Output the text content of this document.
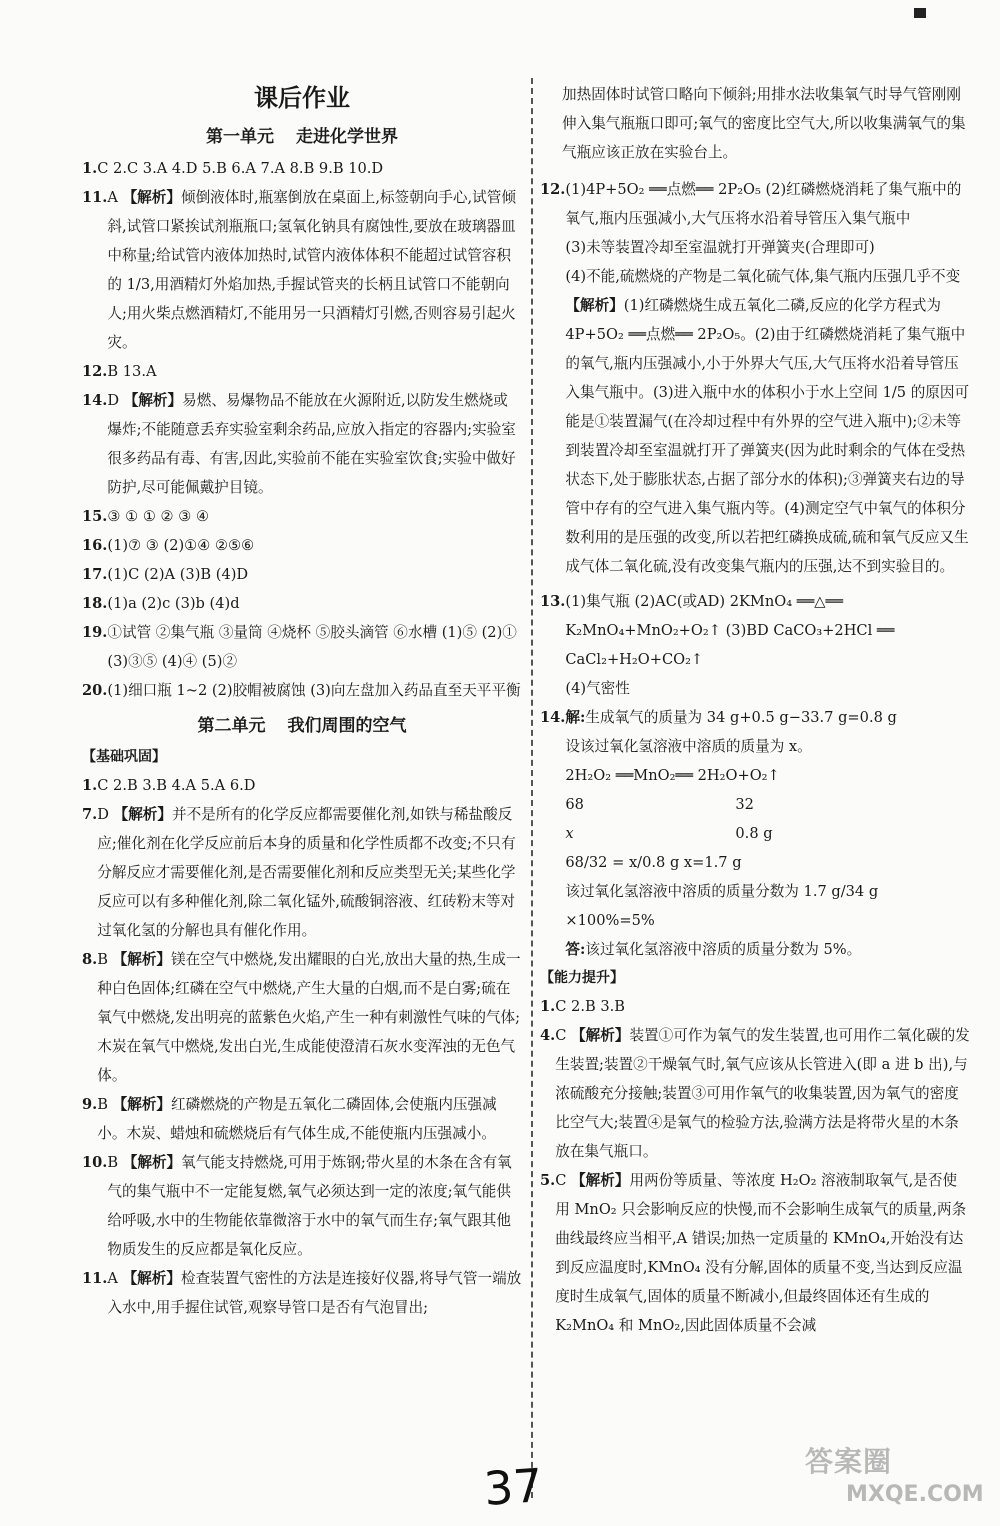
课后作业
第一单元 走进化学世界
1. C 2.C 3.A 4.D 5.B 6.A 7.A 8.B 9.B 10.D
11. A 【解析】倾倒液体时,瓶塞倒放在桌面上,标签朝向手心,试管倾斜,试管口紧挨试剂瓶瓶口;氢氧化钠具有腐蚀性,要放在玻璃器皿中称量;给试管内液体加热时,试管内液体体积不能超过试管容积的 1/3,用酒精灯外焰加热,手握试管夹的长柄且试管口不能朝向人;用火柴点燃酒精灯,不能用另一只酒精灯引燃,否则容易引起火灾。
12. B 13.A
14. D 【解析】易燃、易爆物品不能放在火源附近,以防发生燃烧或爆炸;不能随意丢弃实验室剩余药品,应放入指定的容器内;实验室很多药品有毒、有害,因此,实验前不能在实验室饮食;实验中做好防护,尽可能佩戴护目镜。
15. ③ ① ① ② ③ ④
16. (1)⑦ ③ (2)①④ ②⑤⑥
17. (1)C (2)A (3)B (4)D
18. (1)a (2)c (3)b (4)d
19. ①试管 ②集气瓶 ③量筒 ④烧杯 ⑤胶头滴管 ⑥水槽 (1)⑤ (2)① (3)③⑤ (4)④ (5)②
20. (1)细口瓶 1~2 (2)胶帽被腐蚀 (3)向左盘加入药品直至天平平衡
第二单元 我们周围的空气
【基础巩固】
1. C 2.B 3.B 4.A 5.A 6.D
7. D 【解析】并不是所有的化学反应都需要催化剂,如铁与稀盐酸反应;催化剂在化学反应前后本身的质量和化学性质都不改变;不只有分解反应才需要催化剂,是否需要催化剂和反应类型无关;某些化学反应可以有多种催化剂,除二氧化锰外,硫酸铜溶液、红砖粉末等对过氧化氢的分解也具有催化作用。
8. B 【解析】镁在空气中燃烧,发出耀眼的白光,放出大量的热,生成一种白色固体;红磷在空气中燃烧,产生大量的白烟,而不是白雾;硫在氧气中燃烧,发出明亮的蓝紫色火焰,产生一种有刺激性气味的气体;木炭在氧气中燃烧,发出白光,生成能使澄清石灰水变浑浊的无色气体。
9. B 【解析】红磷燃烧的产物是五氧化二磷固体,会使瓶内压强减小。木炭、蜡烛和硫燃烧后有气体生成,不能使瓶内压强减小。
10. B 【解析】氧气能支持燃烧,可用于炼钢;带火星的木条在含有氧气的集气瓶中不一定能复燃,氧气必须达到一定的浓度;氧气能供给呼吸,水中的生物能依靠微溶于水中的氧气而生存;氧气跟其他物质发生的反应都是氧化反应。
11. A 【解析】检查装置气密性的方法是连接好仪器,将导气管一端放入水中,用手握住试管,观察导管口是否有气泡冒出;
加热固体时试管口略向下倾斜;用排水法收集氧气时导气管刚刚伸入集气瓶瓶口即可;氧气的密度比空气大,所以收集满氧气的集气瓶应该正放在实验台上。
12. (1)4P+5O₂ ══点燃══ 2P₂O₅ (2)红磷燃烧消耗了集气瓶中的氧气,瓶内压强减小,大气压将水沿着导管压入集气瓶中
(3)未等装置冷却至室温就打开弹簧夹(合理即可)
(4)不能,硫燃烧的产物是二氧化硫气体,集气瓶内压强几乎不变
【解析】(1)红磷燃烧生成五氧化二磷,反应的化学方程式为 4P+5O₂ ══点燃══ 2P₂O₅。(2)由于红磷燃烧消耗了集气瓶中的氧气,瓶内压强减小,小于外界大气压,大气压将水沿着导管压入集气瓶中。(3)进入瓶中水的体积小于水上空间 1/5 的原因可能是①装置漏气(在冷却过程中有外界的空气进入瓶中);②未等到装置冷却至室温就打开了弹簧夹(因为此时剩余的气体在受热状态下,处于膨胀状态,占据了部分水的体积);③弹簧夹右边的导管中存有的空气进入集气瓶内等。(4)测定空气中氧气的体积分数利用的是压强的改变,所以若把红磷换成硫,硫和氧气反应又生成气体二氧化硫,没有改变集气瓶内的压强,达不到实验目的。
13. (1)集气瓶 (2)AC(或AD) 2KMnO₄ ══△══ K₂MnO₄+MnO₂+O₂↑ (3)BD CaCO₃+2HCl ══ CaCl₂+H₂O+CO₂↑
(4)气密性
14. 解:生成氧气的质量为 34 g+0.5 g−33.7 g=0.8 g
设该过氧化氢溶液中溶质的质量为 x。
2H₂O₂ ══MnO₂══ 2H₂O+O₂↑
68	32
x	0.8 g
68/32 = x/0.8 g x=1.7 g
该过氧化氢溶液中溶质的质量分数为 1.7 g/34 g ×100%=5%
答:该过氧化氢溶液中溶质的质量分数为 5%。
【能力提升】
1. C 2.B 3.B
4. C 【解析】装置①可作为氧气的发生装置,也可用作二氧化碳的发生装置;装置②干燥氧气时,氧气应该从长管进入(即 a 进 b 出),与浓硫酸充分接触;装置③可用作氧气的收集装置,因为氧气的密度比空气大;装置④是氧气的检验方法,验满方法是将带火星的木条放在集气瓶口。
5. C 【解析】用两份等质量、等浓度 H₂O₂ 溶液制取氧气,是否使用 MnO₂ 只会影响反应的快慢,而不会影响生成氧气的质量,两条曲线最终应当相平,A 错误;加热一定质量的 KMnO₄,开始没有达到反应温度时,KMnO₄ 没有分解,固体的质量不变,当达到反应温度时生成氧气,固体的质量不断减小,但最终固体还有生成的 K₂MnO₄ 和 MnO₂,因此固体质量不会减
37	答案圈
MXQE.COM
